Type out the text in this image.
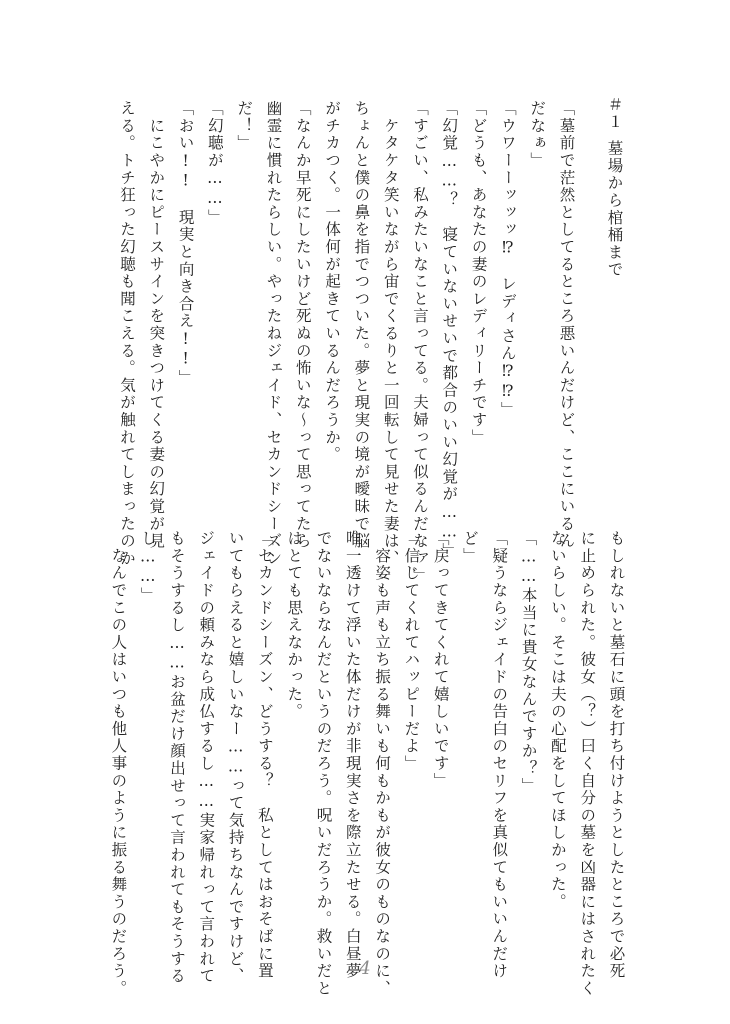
＃１
墓場から棺桶まで
「墓前で茫然としてるところ悪いんだけど、ここにいるん
だなぁ」
「ウワーーッッッ⁉　レディさん⁉⁉」
「どうも、あなたの妻のレディリーチです」
「幻覚……？　寝ていないせいで都合のいい幻覚が……」
「すごい、私みたいなこと言ってる。夫婦って似るんだなァ」
　ケタケタ笑いながら宙でくるりと一回転して見せた妻は、
ちょんと僕の鼻を指でつついた。夢と現実の境が曖昧で脳
がチカつく。一体何が起きているんだろうか。
「なんか早死にしたいけど死ぬの怖いな〜って思ってたら
幽霊に慣れたらしい。やったねジェイド、セカンドシーズン
だ！」
「幻聴が……」
「おい!!　現実と向き合え!!」
　にこやかにピースサインを突きつけてくる妻の幻覚が見
える。トチ狂った幻聴も聞こえる。気が触れてしまったのか
もしれないと墓石に頭を打ち付けようとしたところで必死
に止められた。彼女（？）曰く自分の墓を凶器にはされたく
ないらしい。そこは夫の心配をしてほしかった。
「……本当に貴女なんですか？」
「疑うならジェイドの告白のセリフを真似てもいいんだけ
ど」
「戻ってきてくれて嬉しいです」
「信じてくれてハッピーだよ」
　容姿も声も立ち振る舞いも何もかもが彼女のものなのに、
唯一透けて浮いた体だけが非現実さを際立たせる。白昼夢
でないならなんだというのだろう。呪いだろうか。救いだと
はとても思えなかった。
「セカンドシーズン、どうする？　私としてはおそばに置
いてもらえると嬉しいなー……って気持ちなんですけど、
ジェイドの頼みなら成仏するし……実家帰れって言われて
もそうするし……お盆だけ顔出せって言われてもそうする
し……」
　なんでこの人はいつも他人事のように振る舞うのだろう。	4
